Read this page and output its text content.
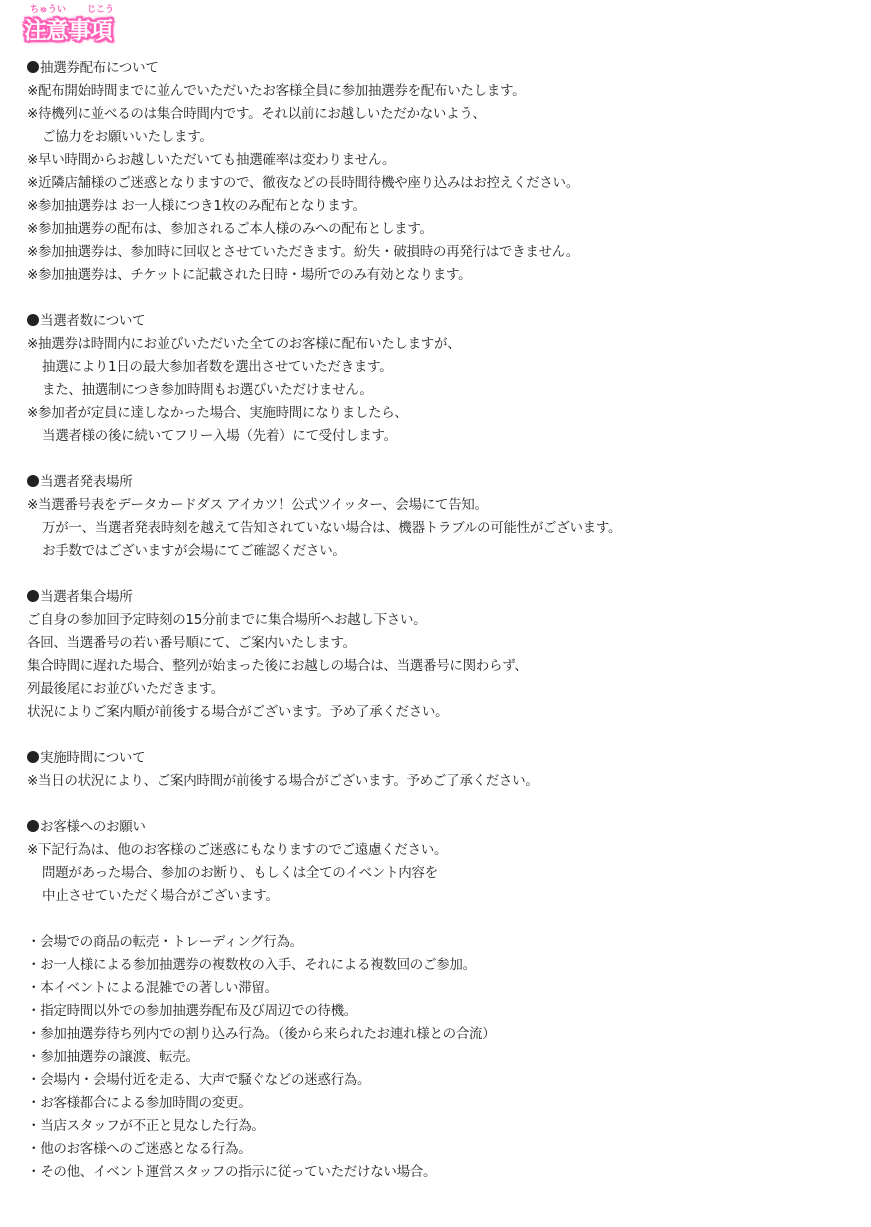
ちゅうい じこう
注意事項
抽選券配布について
※配布開始時間までに並んでいただいたお客様全員に参加抽選券を配布いたします。
※待機列に並べるのは集合時間内です。それ以前にお越しいただかないよう、
ご協力をお願いいたします。
※早い時間からお越しいただいても抽選確率は変わりません。
※近隣店舗様のご迷惑となりますので、徹夜などの長時間待機や座り込みはお控えください。
※参加抽選券は お一人様につき1枚のみ配布となります。
※参加抽選券の配布は、参加されるご本人様のみへの配布とします。
※参加抽選券は、参加時に回収とさせていただきます。紛失・破損時の再発行はできません。
※参加抽選券は、チケットに記載された日時・場所でのみ有効となります。
当選者数について
※抽選券は時間内にお並びいただいた全てのお客様に配布いたしますが、
抽選により1日の最大参加者数を選出させていただきます。
また、抽選制につき参加時間もお選びいただけません。
※参加者が定員に達しなかった場合、実施時間になりましたら、
当選者様の後に続いてフリー入場（先着）にて受付します。
当選者発表場所
※当選番号表をデータカードダス アイカツ！公式ツイッター、会場にて告知。
万が一、当選者発表時刻を越えて告知されていない場合は、機器トラブルの可能性がございます。
お手数ではございますが会場にてご確認ください。
当選者集合場所
ご自身の参加回予定時刻の15分前までに集合場所へお越し下さい。
各回、当選番号の若い番号順にて、ご案内いたします。
集合時間に遅れた場合、整列が始まった後にお越しの場合は、当選番号に関わらず、
列最後尾にお並びいただきます。
状況によりご案内順が前後する場合がございます。予め了承ください。
実施時間について
※当日の状況により、ご案内時間が前後する場合がございます。予めご了承ください。
お客様へのお願い
※下記行為は、他のお客様のご迷惑にもなりますのでご遠慮ください。
問題があった場合、参加のお断り、もしくは全てのイベント内容を
中止させていただく場合がございます。
・会場での商品の転売・トレーディング行為。
・お一人様による参加抽選券の複数枚の入手、それによる複数回のご参加。
・本イベントによる混雑での著しい滞留。
・指定時間以外での参加抽選券配布及び周辺での待機。
・参加抽選券待ち列内での割り込み行為。（後から来られたお連れ様との合流）
・参加抽選券の譲渡、転売。
・会場内・会場付近を走る、大声で騒ぐなどの迷惑行為。
・お客様都合による参加時間の変更。
・当店スタッフが不正と見なした行為。
・他のお客様へのご迷惑となる行為。
・その他、イベント運営スタッフの指示に従っていただけない場合。
